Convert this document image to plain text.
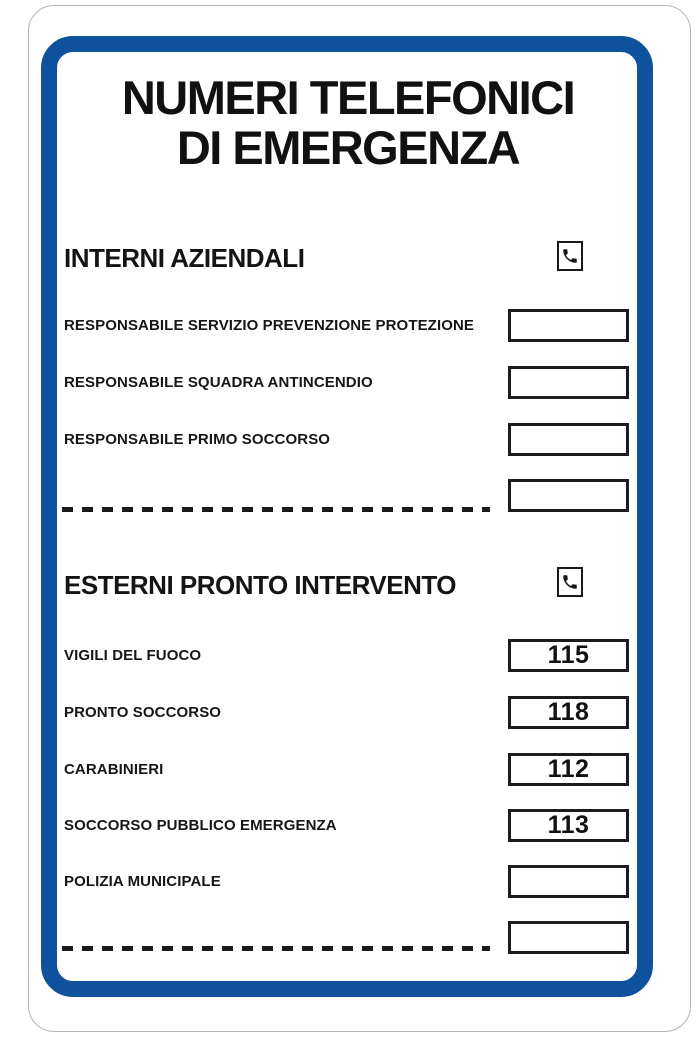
NUMERI TELEFONICI
DI EMERGENZA
INTERNI AZIENDALI
RESPONSABILE SERVIZIO PREVENZIONE PROTEZIONE
RESPONSABILE SQUADRA ANTINCENDIO
RESPONSABILE PRIMO SOCCORSO
ESTERNI PRONTO INTERVENTO
VIGILI DEL FUOCO	115
PRONTO SOCCORSO	118
CARABINIERI	112
SOCCORSO PUBBLICO EMERGENZA	113
POLIZIA MUNICIPALE
